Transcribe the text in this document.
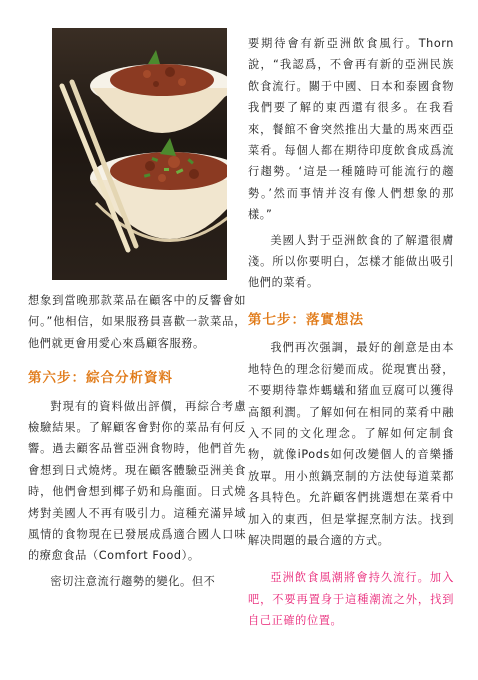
想象到當晚那款菜品在顧客中的反響會如何。”他相信，如果服務員喜歡一款菜品，他們就更會用愛心來爲顧客服務。

第六步：綜合分析資料

對現有的資料做出評價，再綜合考慮檢驗結果。了解顧客會對你的菜品有何反響。過去顧客品嘗亞洲食物時，他們首先會想到日式燒烤。現在顧客體驗亞洲美食時，他們會想到椰子奶和烏龍面。日式燒烤對美國人不再有吸引力。這種充滿异域風情的食物現在已發展成爲適合國人口味的療愈食品（Comfort Food）。

密切注意流行趨勢的變化。但不

要期待會有新亞洲飲食風行。Thorn說，“我認爲，不會再有新的亞洲民族飲食流行。關于中國、日本和泰國食物我們要了解的東西還有很多。在我看來，餐館不會突然推出大量的馬來西亞菜肴。每個人都在期待印度飲食成爲流行趨勢。‘這是一種隨時可能流行的趨勢。’然而事情并沒有像人們想象的那樣。”

美國人對于亞洲飲食的了解還很膚淺。所以你要明白，怎樣才能做出吸引他們的菜肴。

第七步：落實想法

我們再次强調，最好的創意是由本地特色的理念衍變而成。從現實出發，不要期待靠炸螞蟻和猪血豆腐可以獲得高額利潤。了解如何在相同的菜肴中融入不同的文化理念。了解如何定制食物，就像iPods如何改變個人的音樂播放單。用小煎鍋烹制的方法使每道菜都各具特色。允許顧客們挑選想在菜肴中加入的東西，但是掌握烹制方法。找到解决問題的最合適的方式。

亞洲飲食風潮將會持久流行。加入吧，不要再置身于這種潮流之外，找到自己正確的位置。
